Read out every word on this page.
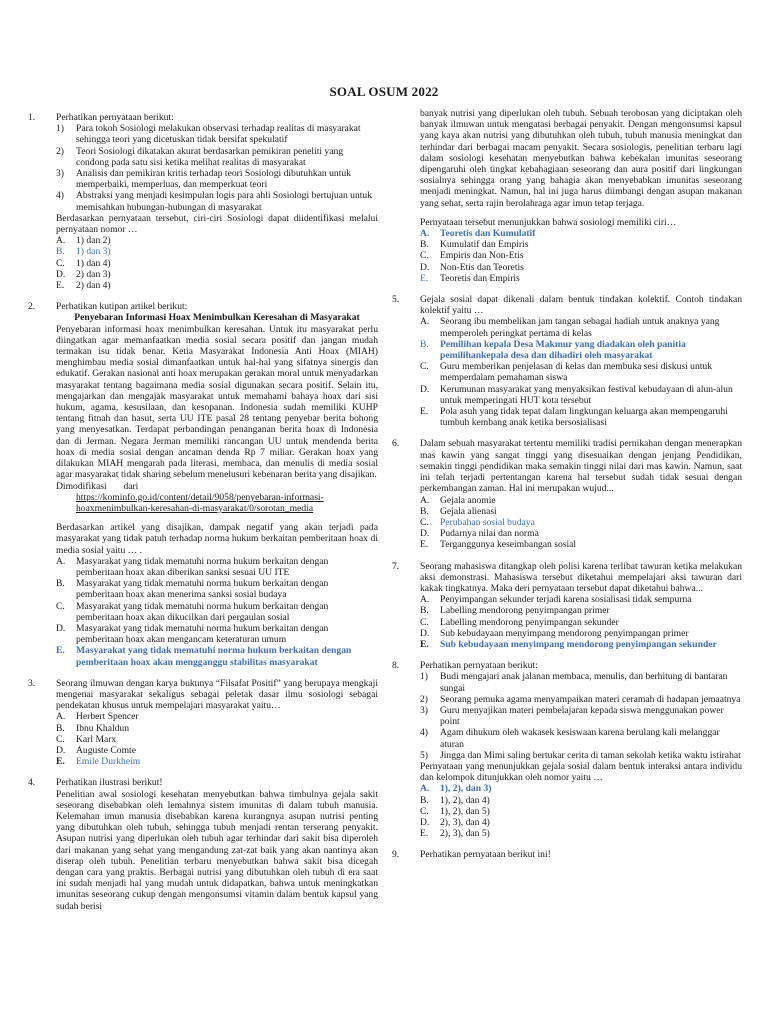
SOAL OSUM 2022
1. Perhatikan pernyataan berikut:

1) Para tokoh Sosiologi melakukan observasi terhadap realitas di masyarakat sehingga teori yang dicetuskan tidak bersifat spekulatif
2) Teori Sosiologi dikatakan akurat berdasarkan pemikiran peneliti yang condong pada satu sisi ketika melihat realitas di masyarakat
3) Analisis dan pemikiran kritis terhadap teori Sosiologi dibutuhkan untuk memperbaiki, memperluas, dan memperkuat teori
4) Abstraksi yang menjadi kesimpulan logis para ahli Sosiologi bertujuan untuk memisahkan hubungan-hubungan di masyarakat

Berdasarkan pernyataan tersebut, ciri-ciri Sosiologi dapat diidentifikasi melalui pernyataan nomor …

A. 1) dan 2)
B. 1) dan 3)
C. 1) dan 4)
D. 2) dan 3)
E. 2) dan 4)
2. Perhatikan kutipan artikel berikut:

Penyebaran Informasi Hoax Menimbulkan Keresahan di Masyarakat

Penyebaran informasi hoax menimbulkan keresahan. Untuk itu masyarakat perlu diingatkan agar memanfaatkan media sosial secara positif dan jangan mudah termakan isu tidak benar. Ketia Masyarakat Indonesia Anti Hoax (MIAH) menghimbau media sosial dimanfaatkan untuk hal-hal yang sifatnya sinergis dan edukatif. Gerakan nasional anti hoax merupakan gerakan moral untuk menyadarkan masyarakat tentang bagaimana media sosial digunakan secara positif. Selain itu, mengajarkan dan mengajak masyarakat untuk memahami bahaya hoax dari sisi hukum, agama, kesusilaan, dan kesopanan. Indonesia sudah memiliki KUHP tentang fitnah dan hasut, serta UU ITE pasal 28 tentang penyebar berita bohong yang menyesatkan. Terdapat perbandingan penanganan berita hoax di Indonesia dan di Jerman. Negara Jerman memiliki rancangan UU untuk mendenda berita hoax di media sosial dengan ancaman denda Rp 7 miliar. Gerakan hoax yang dilakukan MIAH mengarah pada literasi, membaca, dan menulis di media sosial agar masyarakat tidak sharing sebelum menelusuri kebenaran berita yang disajikan.

Dimodifikasi dari

https://kominfo.go.id/content/detail/9058/penyebaran-informasi-hoaxmenimbulkan-keresahan-di-masyarakat/0/sorotan_media

Berdasarkan artikel yang disajikan, dampak negatif yang akan terjadi pada masyarakat yang tidak patuh terhadap norma hukum berkaitan pemberitaan hoax di media sosial yaitu … .

A. Masyarakat yang tidak mematuhi norma hukum berkaitan dengan pemberitaan hoax akan diberikan sanksi sesuai UU ITE
B. Masyarakat yang tidak mematuhi norma hukum berkaitan dengan pemberitaan hoax akan menerima sanksi sosial budaya
C. Masyarakat yang tidak mematuhi norma hukum berkaitan dengan pemberitaan hoax akan dikucilkan dari pergaulan sosial
D. Masyarakat yang tidak mematuhi norma hukum berkaitan dengan pemberitaan hoax akan mengancam keteraturan umum
E. Masyarakat yang tidak mematuhi norma hukum berkaitan dengan pemberitaan hoax akan mengganggu stabilitas masyarakat
3. Seorang ilmuwan dengan karya bukunya “Filsafat Positif” yang berupaya mengkaji mengenai masyarakat sekaligus sebagai peletak dasar ilmu sosiologi sebagai pendekatan khusus untuk mempelajari masyarakat yaitu…

A. Herbert Spencer
B. Ibnu Khaldun
C. Karl Marx
D. Auguste Comte
E. Emile Durkheim
4. Perhatikan ilustrasi berikut!

Penelitian awal sosiologi kesehatan menyebutkan bahwa timbulnya gejala sakit seseorang disebabkan oleh lemahnya sistem imunitas di dalam tubuh manusia. Kelemahan imun manusia disebabkan karena kurangnya asupan nutrisi penting yang dibutuhkan oleh tubuh, sehingga tubuh menjadi rentan terserang penyakit. Asupan nutrisi yang diperlukan oleh tubuh agar terhindar dari sakit bisa diperoleh dari makanan yang sehat yang mengandung zat-zat baik yang akan nantinya akan diserap oleh tubuh. Penelitian terbaru menyebutkan bahwa sakit bisa dicegah dengan cara yang praktis. Berbagai nutrisi yang dibutuhkan oleh tubuh di era saat ini sudah menjadi hal yang mudah untuk didapatkan, bahwa untuk meningkatkan imunitas seseorang cukup dengan mengonsumsi vitamin dalam bentuk kapsul yang sudah berisi

banyak nutrisi yang diperlukan oleh tubuh. Sebuah terobosan yang diciptakan oleh banyak ilmuwan untuk mengatasi berbagai penyakit. Dengan mengonsumsi kapsul yang kaya akan nutrisi yang dibutuhkan oleh tubuh, tubuh manusia meningkat dan terhindar dari berbagai macam penyakit. Secara sosiologis, penelitian terbaru lagi dalam sosiologi kesehatan menyebutkan bahwa kebekalan imunitas seseorang dipengaruhi oleh tingkat kebahagiaan seseorang dan aura positif dari lingkungan sosialnya sehingga orang yang bahagia akan menyebabkan imunitas seseorang menjadi meningkat. Namun, hal ini juga harus diimbangi dengan asupan makanan yang sehat, serta rajin berolahraga agar imun tetap terjaga.

Pernyataan tersebut menunjukkan bahwa sosiologi memiliki ciri…

A. Teoretis dan Kumulatif
B. Kumulatif dan Empiris
C. Empiris dan Non-Etis
D. Non-Etis dan Teoretis
E. Teoretis dan Empiris
5. Gejala sosial dapat dikenali dalam bentuk tindakan kolektif. Contoh tindakan kolektif yaitu …

A. Seorang ibu membelikan jam tangan sebagai hadiah untuk anaknya yang memperoleh peringkat pertama di kelas
B. Pemilihan kepala Desa Makmur yang diadakan oleh panitia pemilihankepala desa dan dihadiri oleh masyarakat
C. Guru memberikan penjelasan di kelas dan membuka sesi diskusi untuk memperdalam pemahaman siswa
D. Kerumunan masyarakat yang menyaksikan festival kebudayaan di alun-alun untuk memperingati HUT kota tersebut
E. Pola asuh yang tidak tepat dalam lingkungan keluarga akan mempengaruhi tumbuh kembang anak ketika bersosialisasi
6. Dalam sebuah masyarakat tertentu memiliki tradisi pernikahan dengan menerapkan mas kawin yang sangat tinggi yang disesuaikan dengan jenjang Pendidikan, semakin tinggi pendidikan maka semakin tinggi nilai dari mas kawin. Namun, saat ini telah terjadi pertentangan karena hal tersebut sudah tidak sesuai dengan perkembangan zaman. Hal ini merupakan wujud...

A. Gejala anomie
B. Gejala alienasi
C. Perubahan sosial budaya
D. Pudarnya nilai dan norma
E. Terganggunya keseimbangan sosial
7. Seorang mahasiswa ditangkap oleh polisi karena terlibat tawuran ketika melakukan aksi demonstrasi. Mahasiswa tersebut diketahui mempelajari aksi tawuran dari kakak tingkatnya. Maka deri pernyataan tersebut dapat diketahui bahwa...

A. Penyimpangan sekunder terjadi karena sosialisasi tidak sempurna
B. Labelling mendorong penyimpangan primer
C. Labelling mendorong penyimpangan sekunder
D. Sub kebudayaan menyimpang mendorong penyimpangan primer
E. Sub kebudayaan menyimpang mendorong penyimpangan sekunder
8. Perhatikan pernyataan berikut:

1) Budi mengajari anak jalanan membaca, menulis, dan berhitung di bantaran sungai
2) Seorang pemuka agama menyampaikan materi ceramah di hadapan jemaatnya
3) Guru menyajikan materi pembelajaran kepada siswa menggunakan power point
4) Agam dihukum oleh wakasek kesiswaan karena berulang kali melanggar aturan
5) Jingga dan Mimi saling bertukar cerita di taman sekolah ketika waktu istirahat

Pernyataan yang menunjukkan gejala sosial dalam bentuk interaksi antara individu dan kelompok ditunjukkan oleh nomor yaitu …

A. 1), 2), dan 3)
B. 1), 2), dan 4)
C. 1), 2), dan 5)
D. 2), 3), dan 4)
E. 2), 3), dan 5)
9. Perhatikan pernyataan berikut ini!
